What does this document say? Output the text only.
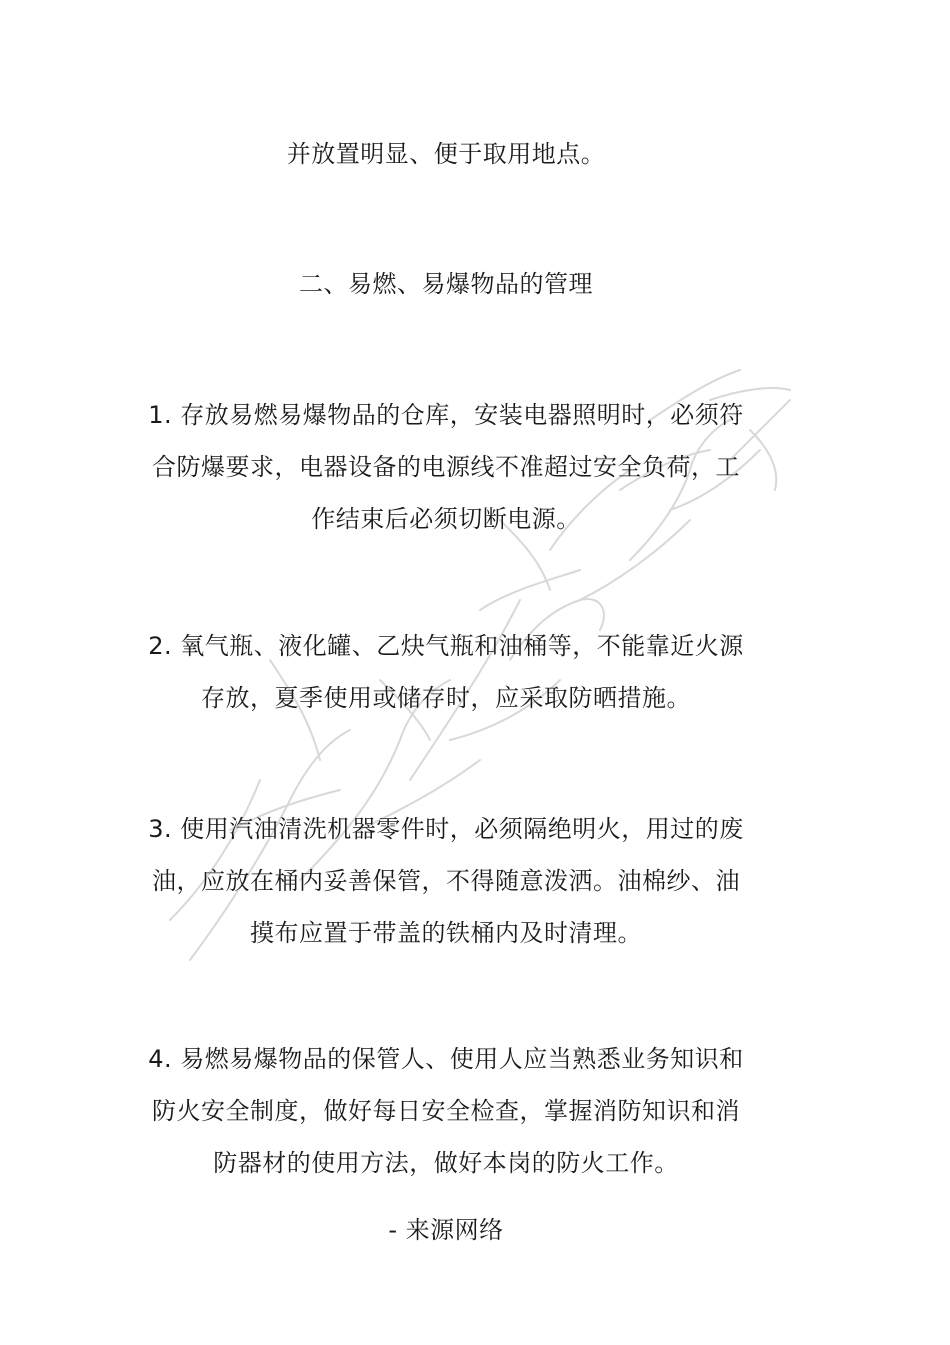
并放置明显、便于取用地点。
二、易燃、易爆物品的管理
1. 存放易燃易爆物品的仓库，安装电器照明时，必须符
合防爆要求，电器设备的电源线不准超过安全负荷，工
作结束后必须切断电源。
2. 氧气瓶、液化罐、乙炔气瓶和油桶等，不能靠近火源
存放，夏季使用或储存时，应采取防晒措施。
3. 使用汽油清洗机器零件时，必须隔绝明火，用过的废
油，应放在桶内妥善保管，不得随意泼洒。油棉纱、油
摸布应置于带盖的铁桶内及时清理。
4. 易燃易爆物品的保管人、使用人应当熟悉业务知识和
防火安全制度，做好每日安全检查，掌握消防知识和消
防器材的使用方法，做好本岗的防火工作。
- 来源网络
